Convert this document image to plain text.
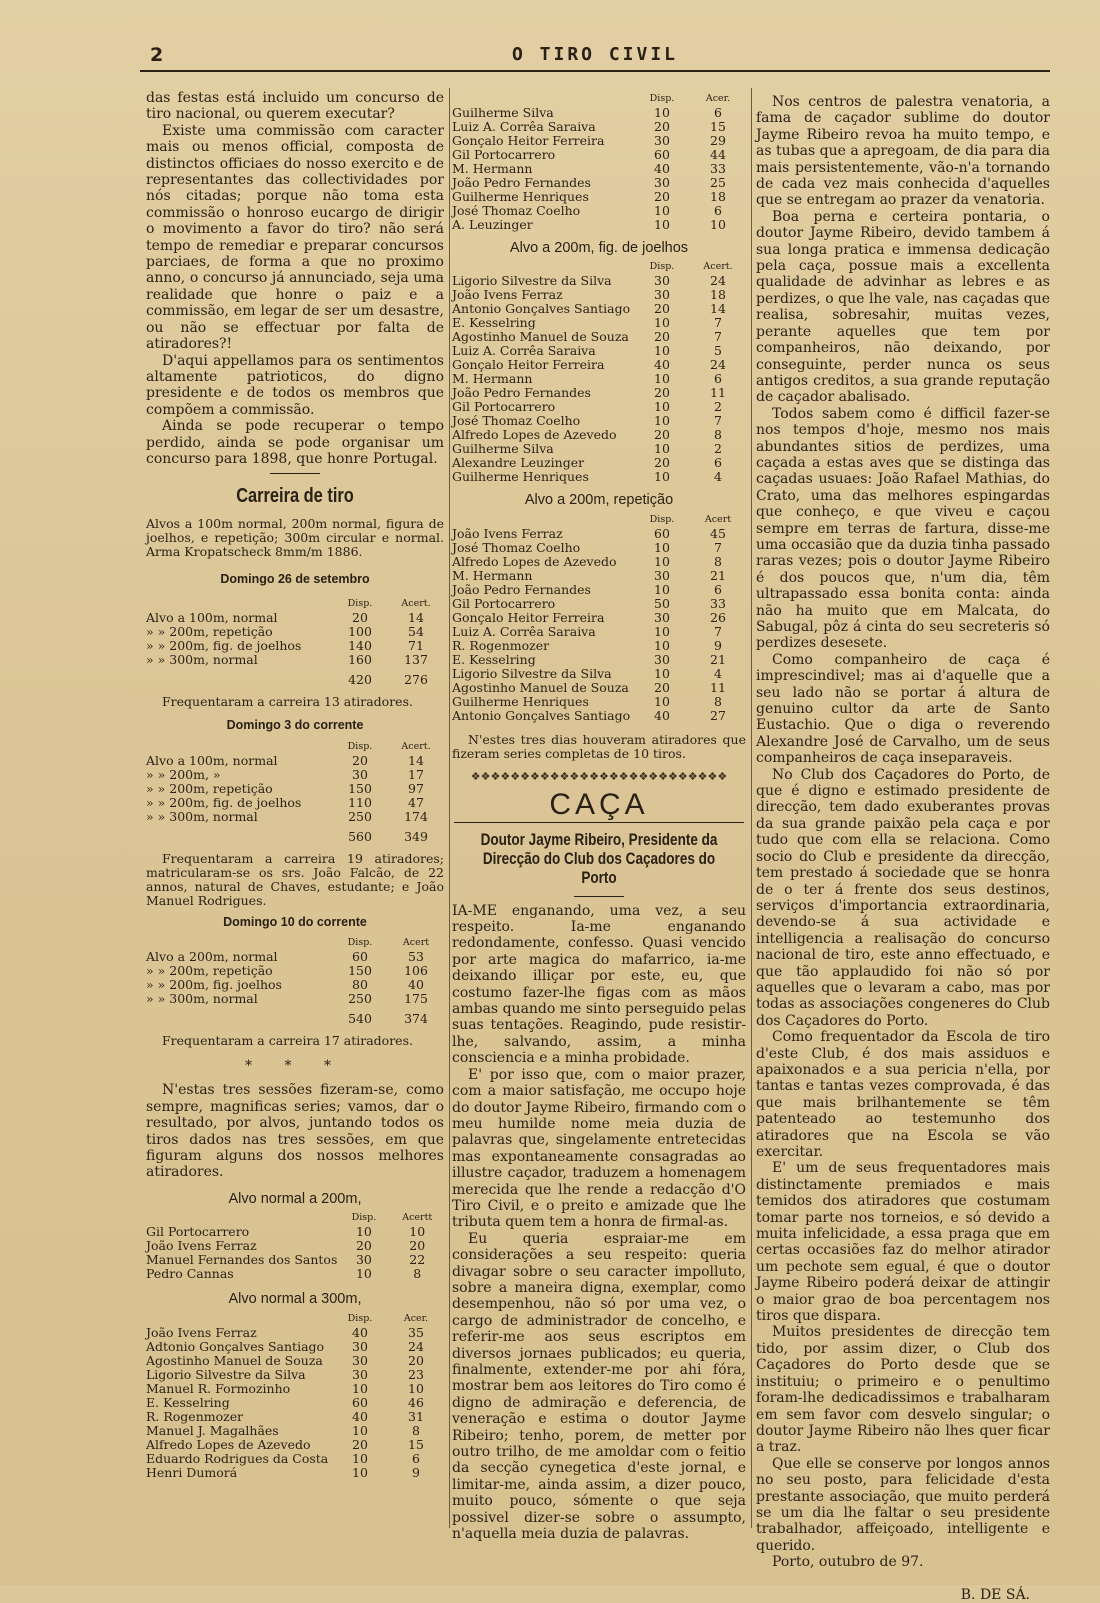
2	O TIRO CIVIL

das festas está incluido um concurso de tiro nacional, ou querem executar?

Existe uma commissão com caracter mais ou menos official, composta de distinctos officiaes do nosso exercito e de representantes das collectividades por nós citadas; porque não toma esta commissão o honroso eucargo de dirigir o movimento a favor do tiro? não será tempo de remediar e preparar concursos parciaes, de forma a que no proximo anno, o concurso já annunciado, seja uma realidade que honre o paiz e a commissão, em legar de ser um desastre, ou não se effectuar por falta de atiradores?!

D'aqui appellamos para os sentimentos altamente patrioticos, do digno presidente e de todos os membros que compõem a commissão.

Ainda se pode recuperar o tempo perdido, ainda se pode organisar um concurso para 1898, que honre Portugal.

Carreira de tiro

Alvos a 100m normal, 200m normal, figura de joelhos, e repetição; 300m circular e normal. Arma Kropatscheck 8mm/m 1886.

Domingo 26 de setembro
	Disp.	Acert.
Alvo a 100m, normal	20	14
» » 200m, repetição	100	54
» » 200m, fig. de joelhos	140	71
» » 300m, normal	160	137
	420	276

Frequentaram a carreira 13 atiradores.

Domingo 3 do corrente
	Disp.	Acert.
Alvo a 100m, normal	20	14
» » 200m, »	30	17
» » 200m, repetição	150	97
» » 200m, fig. de joelhos	110	47
» » 300m, normal	250	174
	560	349

Frequentaram a carreira 19 atiradores; matricularam-se os srs. João Falcão, de 22 annos, natural de Chaves, estudante; e João Manuel Rodrigues.

Domingo 10 do corrente
	Disp.	Acert
Alvo a 200m, normal	60	53
» » 200m, repetição	150	106
» » 200m, fig. joelhos	80	40
» » 300m, normal	250	175
	540	374

Frequentaram a carreira 17 atiradores.

* * *

N'estas tres sessões fizeram-se, como sempre, magnificas series; vamos, dar o resultado, por alvos, juntando todos os tiros dados nas tres sessões, em que figuram alguns dos nossos melhores atiradores.

Alvo normal a 200m,
	Disp.	Acertt
Gil Portocarrero	10	10
João Ivens Ferraz	20	20
Manuel Fernandes dos Santos	30	22
Pedro Cannas	10	8
Alvo normal a 300m,
	Disp.	Acer.
João Ivens Ferraz	40	35
Adtonio Gonçalves Santiago	30	24
Agostinho Manuel de Souza	30	20
Ligorio Silvestre da Silva	30	23
Manuel R. Formozinho	10	10
E. Kesselring	60	46
R. Rogenmozer	40	31
Manuel J. Magalhães	10	8
Alfredo Lopes de Azevedo	20	15
Eduardo Rodrigues da Costa	10	6
Henri Dumorá	10	9
	Disp.	Acer.
Guilherme Silva	10	6
Luiz A. Corrêa Saraiva	20	15
Gonçalo Heitor Ferreira	30	29
Gil Portocarrero	60	44
M. Hermann	40	33
João Pedro Fernandes	30	25
Guilherme Henriques	20	18
José Thomaz Coelho	10	6
A. Leuzinger	10	10
Alvo a 200m, fig. de joelhos
	Disp.	Acert.
Ligorio Silvestre da Silva	30	24
João Ivens Ferraz	30	18
Antonio Gonçalves Santiago	20	14
E. Kesselring	10	7
Agostinho Manuel de Souza	20	7
Luiz A. Corrêa Saraiva	10	5
Gonçalo Heitor Ferreira	40	24
M. Hermann	10	6
João Pedro Fernandes	20	11
Gil Portocarrero	10	2
José Thomaz Coelho	10	7
Alfredo Lopes de Azevedo	20	8
Guilherme Silva	10	2
Alexandre Leuzinger	20	6
Guilherme Henriques	10	4
Alvo a 200m, repetição
	Disp.	Acert
João Ivens Ferraz	60	45
José Thomaz Coelho	10	7
Alfredo Lopes de Azevedo	10	8
M. Hermann	30	21
João Pedro Fernandes	10	6
Gil Portocarrero	50	33
Gonçalo Heitor Ferreira	30	26
Luiz A. Corrêa Saraiva	10	7
R. Rogenmozer	10	9
E. Kesselring	30	21
Ligorio Silvestre da Silva	10	4
Agostinho Manuel de Souza	20	11
Guilherme Henriques	10	8
Antonio Gonçalves Santiago	40	27

N'estes tres dias houveram atiradores que fizeram series completas de 10 tiros.

❖❖❖❖❖❖❖❖❖❖❖❖❖❖❖❖❖❖❖❖❖❖❖❖❖❖
CAÇA
Doutor Jayme Ribeiro, Presidente da Direcção do Club dos Caçadores do Porto

IA-ME enganando, uma vez, a seu respeito. Ia-me enganando redondamente, confesso. Quasi vencido por arte magica do mafarrico, ia-me deixando illiçar por este, eu, que costumo fazer-lhe figas com as mãos ambas quando me sinto perseguido pelas suas tentações. Reagindo, pude resistir-lhe, salvando, assim, a minha consciencia e a minha probidade.

E' por isso que, com o maior prazer, com a maior satisfação, me occupo hoje do doutor Jayme Ribeiro, firmando com o meu humilde nome meia duzia de palavras que, singelamente entretecidas mas expontaneamente consagradas ao illustre caçador, traduzem a homenagem merecida que lhe rende a redacção d'O Tiro Civil, e o preito e amizade que lhe tributa quem tem a honra de firmal-as.

Eu queria espraiar-me em considerações a seu respeito: queria divagar sobre o seu caracter impolluto, sobre a maneira digna, exemplar, como desempenhou, não só por uma vez, o cargo de administrador de concelho, e referir-me aos seus escriptos em diversos jornaes publicados; eu queria, finalmente, extender-me por ahi fóra, mostrar bem aos leitores do Tiro como é digno de admiração e deferencia, de veneração e estima o doutor Jayme Ribeiro; tenho, porem, de metter por outro trilho, de me amoldar com o feitio da secção cynegetica d'este jornal, e limitar-me, ainda assim, a dizer pouco, muito pouco, sómente o que seja possivel dizer-se sobre o assumpto, n'aquella meia duzia de palavras.

Nos centros de palestra venatoria, a fama de caçador sublime do doutor Jayme Ribeiro revoa ha muito tempo, e as tubas que a apregoam, de dia para dia mais persistentemente, vão-n'a tornando de cada vez mais conhecida d'aquelles que se entregam ao prazer da venatoria.

Boa perna e certeira pontaria, o doutor Jayme Ribeiro, devido tambem á sua longa pratica e immensa dedicação pela caça, possue mais a excellenta qualidade de advinhar as lebres e as perdizes, o que lhe vale, nas caçadas que realisa, sobresahir, muitas vezes, perante aquelles que tem por companheiros, não deixando, por conseguinte, perder nunca os seus antigos creditos, a sua grande reputação de caçador abalisado.

Todos sabem como é difficil fazer-se nos tempos d'hoje, mesmo nos mais abundantes sitios de perdizes, uma caçada a estas aves que se distinga das caçadas usuaes: João Rafael Mathias, do Crato, uma das melhores espingardas que conheço, e que viveu e caçou sempre em terras de fartura, disse-me uma occasião que da duzia tinha passado raras vezes; pois o doutor Jayme Ribeiro é dos poucos que, n'um dia, têm ultrapassado essa bonita conta: ainda não ha muito que em Malcata, do Sabugal, pôz á cinta do seu secreteris só perdizes desesete.

Como companheiro de caça é imprescindivel; mas ai d'aquelle que a seu lado não se portar á altura de genuino cultor da arte de Santo Eustachio. Que o diga o reverendo Alexandre José de Carvalho, um de seus companheiros de caça inseparaveis.

No Club dos Caçadores do Porto, de que é digno e estimado presidente de direcção, tem dado exuberantes provas da sua grande paixão pela caça e por tudo que com ella se relaciona. Como socio do Club e presidente da direcção, tem prestado á sociedade que se honra de o ter á frente dos seus destinos, serviços d'importancia extraordinaria, devendo-se á sua actividade e intelligencia a realisação do concurso nacional de tiro, este anno effectuado, e que tão applaudido foi não só por aquelles que o levaram a cabo, mas por todas as associações congeneres do Club dos Caçadores do Porto.

Como frequentador da Escola de tiro d'este Club, é dos mais assiduos e apaixonados e a sua pericia n'ella, por tantas e tantas vezes comprovada, é das que mais brilhantemente se têm patenteado ao testemunho dos atiradores que na Escola se vão exercitar.

E' um de seus frequentadores mais distinctamente premiados e mais temidos dos atiradores que costumam tomar parte nos torneios, e só devido a muita infelicidade, a essa praga que em certas occasiões faz do melhor atirador um pechote sem egual, é que o doutor Jayme Ribeiro poderá deixar de attingir o maior grao de boa percentagem nos tiros que dispara.

Muitos presidentes de direcção tem tido, por assim dizer, o Club dos Caçadores do Porto desde que se instituiu; o primeiro e o penultimo foram-lhe dedicadissimos e trabalharam em sem favor com desvelo singular; o doutor Jayme Ribeiro não lhes quer ficar a traz.

Que elle se conserve por longos annos no seu posto, para felicidade d'esta prestante associação, que muito perderá se um dia lhe faltar o seu presidente trabalhador, affeiçoado, intelligente e querido.

Porto, outubro de 97.

B. DE SÁ.
